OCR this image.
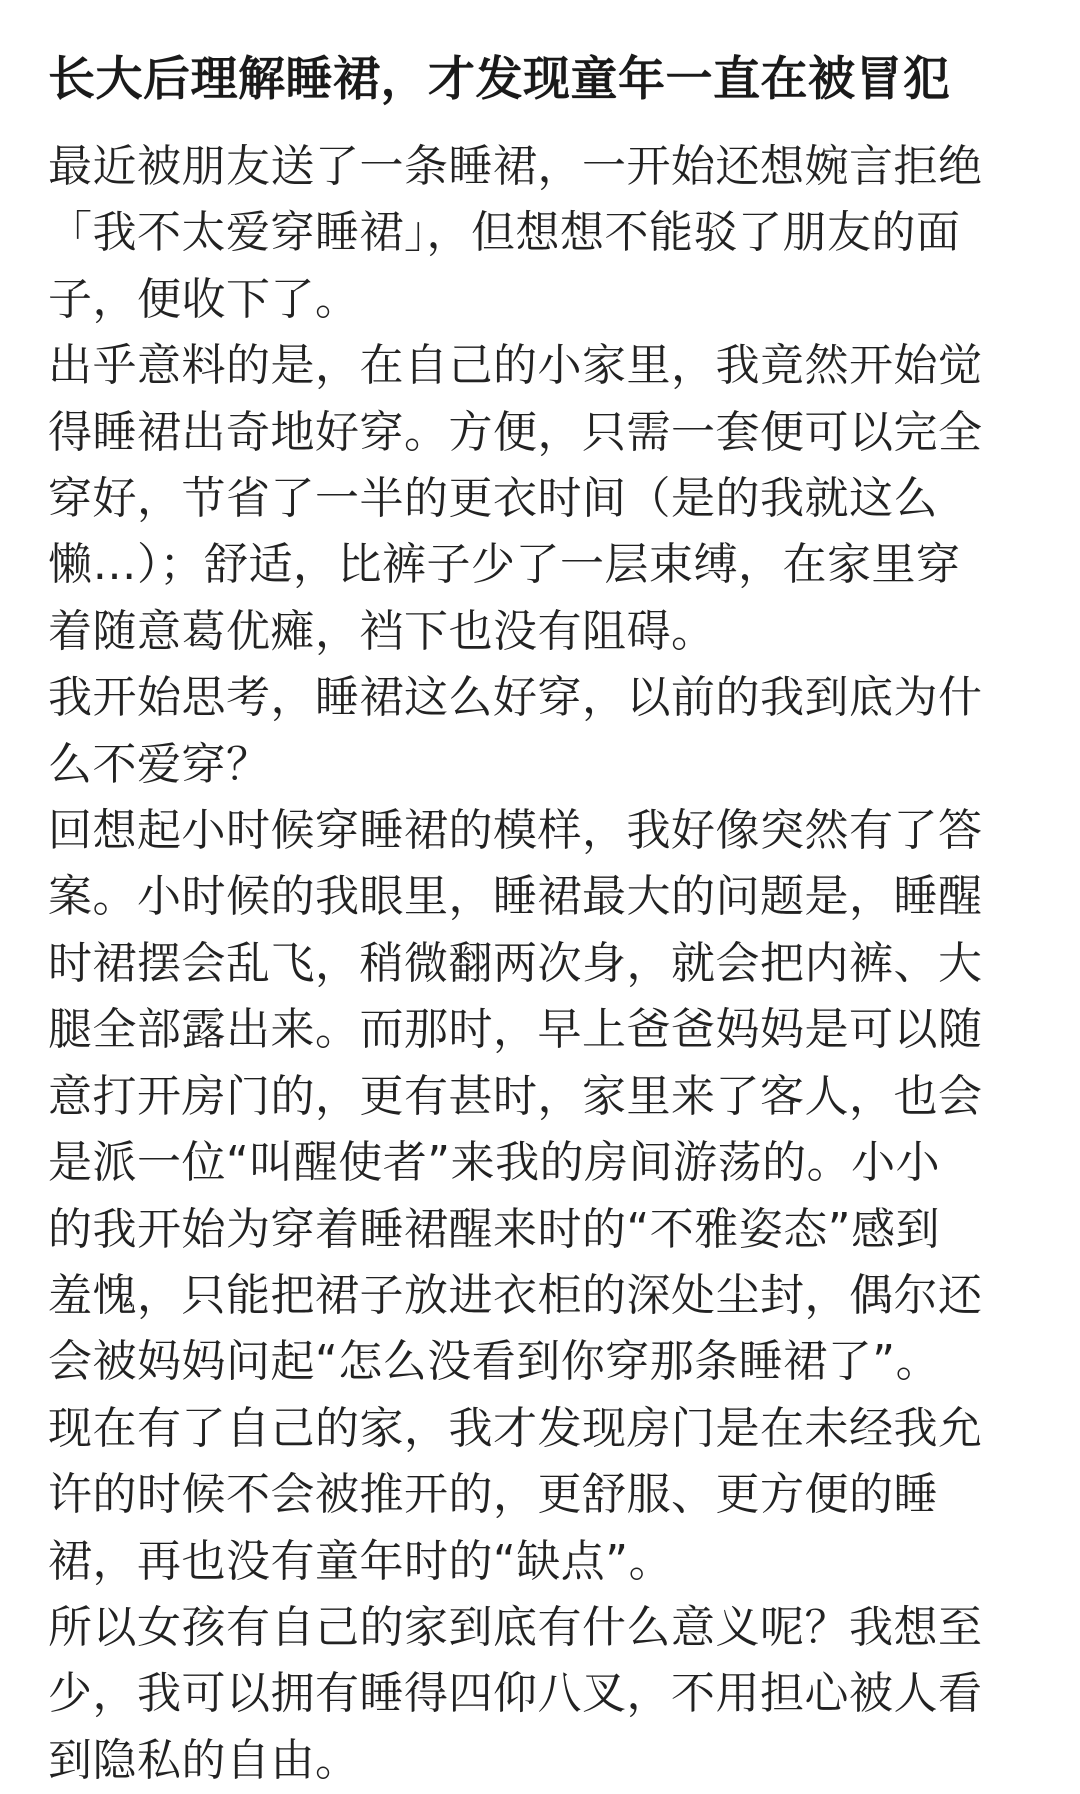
长大后理解睡裙，才发现童年一直在被冒犯

最近被朋友送了一条睡裙，一开始还想婉言拒绝
「我不太爱穿睡裙」，但想想不能驳了朋友的面
子，便收下了。

出乎意料的是，在自己的小家里，我竟然开始觉
得睡裙出奇地好穿。方便，只需一套便可以完全
穿好，节省了一半的更衣时间（是的我就这么
懒…）；舒适，比裤子少了一层束缚，在家里穿
着随意葛优瘫，裆下也没有阻碍。

我开始思考，睡裙这么好穿，以前的我到底为什
么不爱穿？

回想起小时候穿睡裙的模样，我好像突然有了答
案。小时候的我眼里，睡裙最大的问题是，睡醒
时裙摆会乱飞，稍微翻两次身，就会把内裤、大
腿全部露出来。而那时，早上爸爸妈妈是可以随
意打开房门的，更有甚时，家里来了客人，也会
是派一位“叫醒使者”来我的房间游荡的。小小
的我开始为穿着睡裙醒来时的“不雅姿态”感到
羞愧，只能把裙子放进衣柜的深处尘封，偶尔还
会被妈妈问起“怎么没看到你穿那条睡裙了”。

现在有了自己的家，我才发现房门是在未经我允
许的时候不会被推开的，更舒服、更方便的睡
裙，再也没有童年时的“缺点”。

所以女孩有自己的家到底有什么意义呢？我想至
少，我可以拥有睡得四仰八叉，不用担心被人看
到隐私的自由。
